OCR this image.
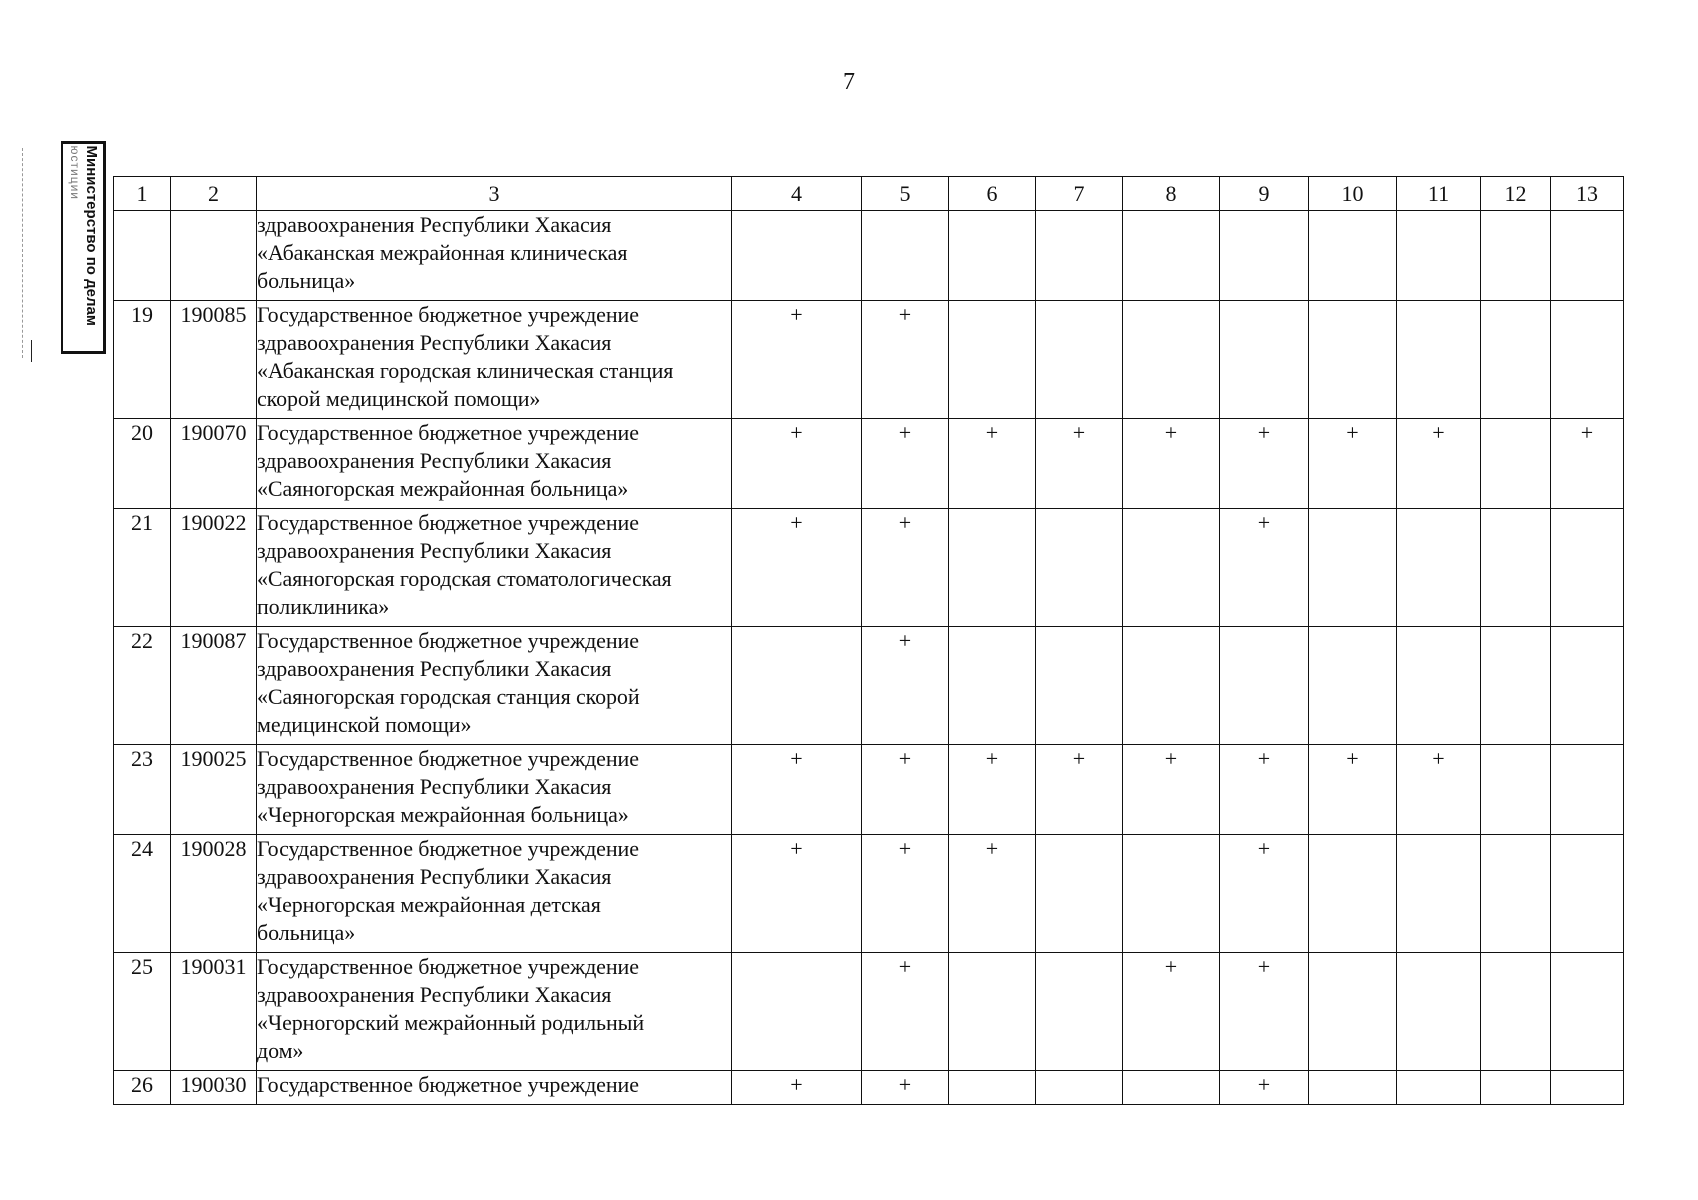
7
Министерство по делам
юстиции 1	2	3	4	5	6	7	8	9	10	11	12	13

		здравоохранения Республики Хакасия
«Абаканская межрайонная клиническая
больница»										

19	190085	Государственное бюджетное учреждение
здравоохранения Республики Хакасия
«Абаканская городская клиническая станция
скорой медицинской помощи»	+	+								
20	190070	Государственное бюджетное учреждение
здравоохранения Республики Хакасия
«Саяногорская межрайонная больница»	+	+	+	+	+	+	+	+		+
21	190022	Государственное бюджетное учреждение
здравоохранения Республики Хакасия
«Саяногорская городская стоматологическая
поликлиника»	+	+				+				
22	190087	Государственное бюджетное учреждение
здравоохранения Республики Хакасия
«Саяногорская городская станция скорой
медицинской помощи»		+								
23	190025	Государственное бюджетное учреждение
здравоохранения Республики Хакасия
«Черногорская межрайонная больница»	+	+	+	+	+	+	+	+		
24	190028	Государственное бюджетное учреждение
здравоохранения Республики Хакасия
«Черногорская межрайонная детская
больница»	+	+	+			+				
25	190031	Государственное бюджетное учреждение
здравоохранения Республики Хакасия
«Черногорский межрайонный родильный
дом»		+			+	+				
26	190030	Государственное бюджетное учреждение	+	+				+				
